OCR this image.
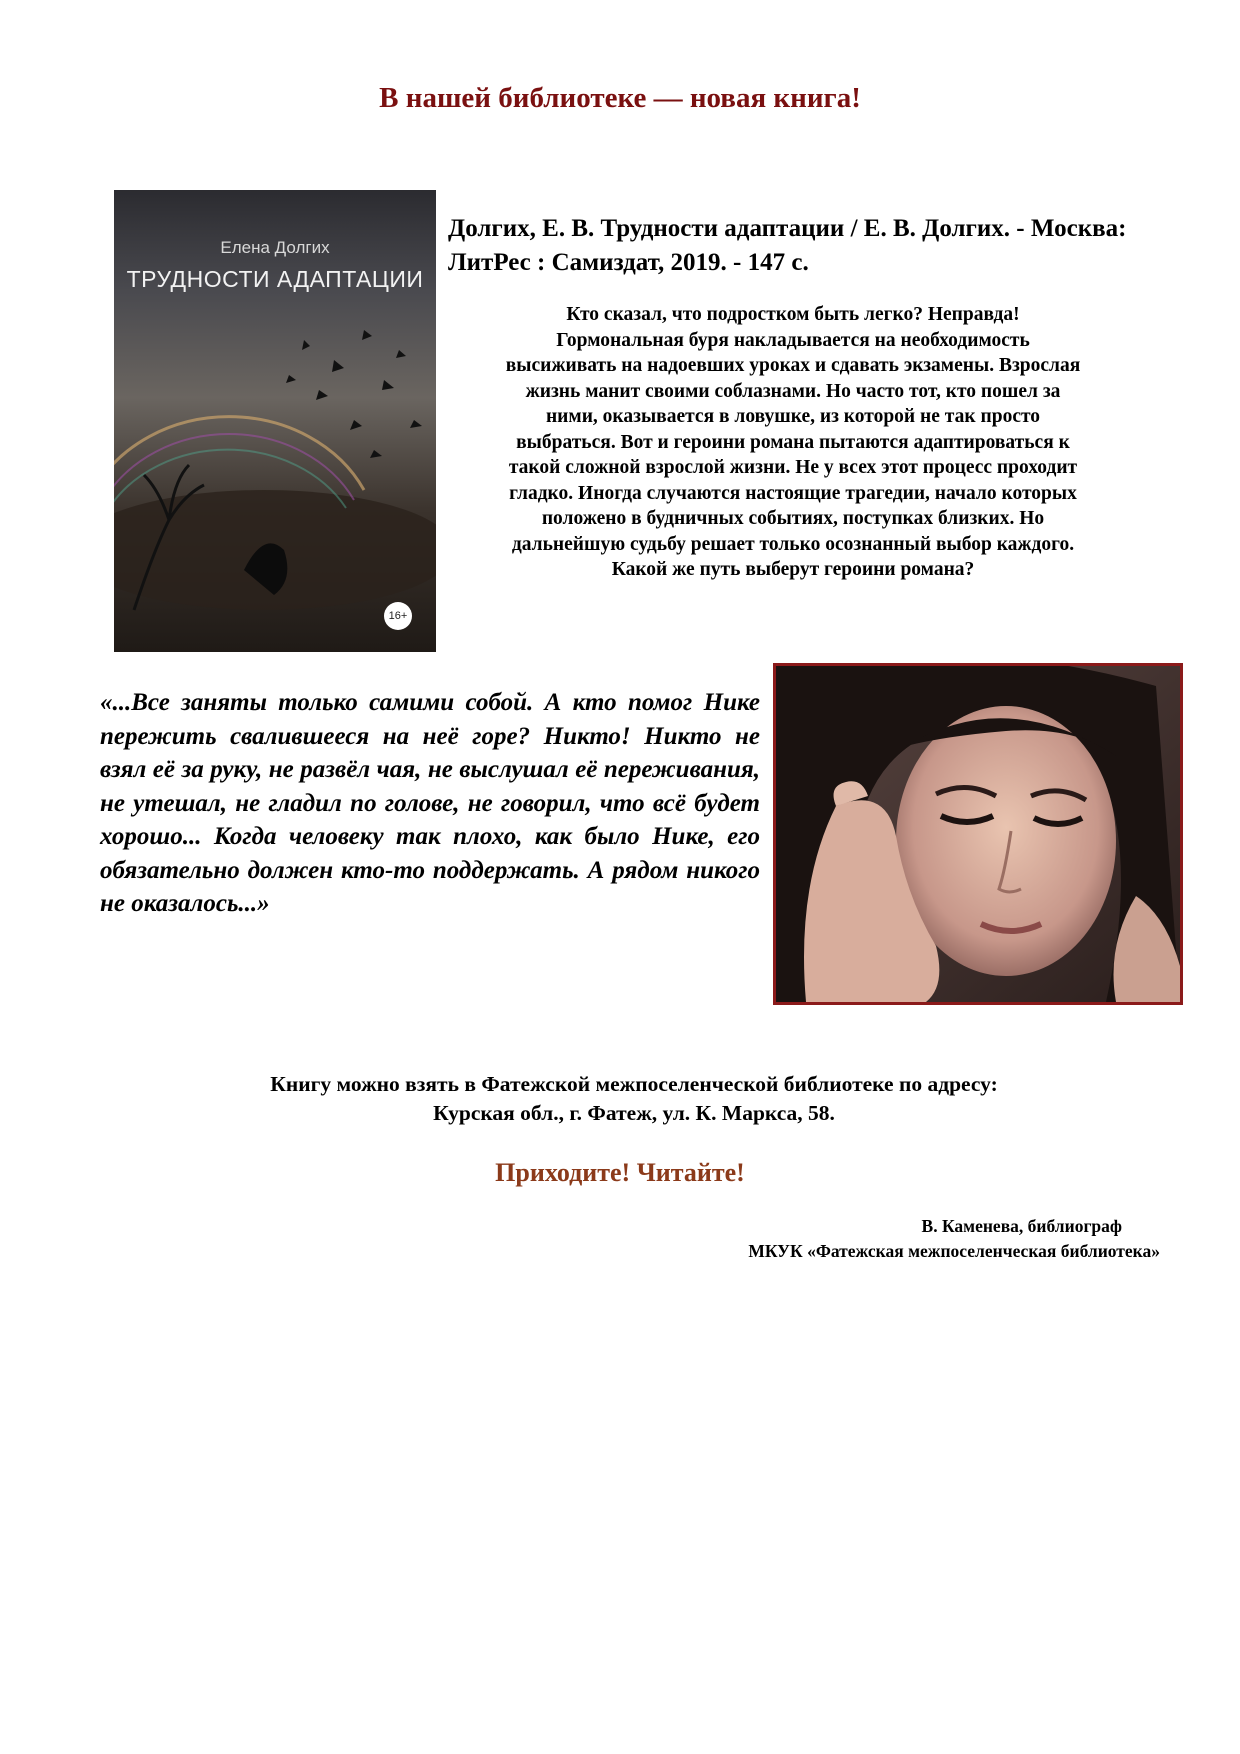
В нашей библиотеке — новая книга!
Елена Долгих
ТРУДНОСТИ АДАПТАЦИИ
16+
Долгих, Е. В. Трудности адаптации / Е. В. Долгих. - Москва: ЛитРес : Самиздат, 2019. - 147 с.
Кто сказал, что подростком быть легко? Неправда!
Гормональная буря накладывается на необходимость
высиживать на надоевших уроках и сдавать экзамены. Взрослая
жизнь манит своими соблазнами. Но часто тот, кто пошел за
ними, оказывается в ловушке, из которой не так просто
выбраться. Вот и героини романа пытаются адаптироваться к
такой сложной взрослой жизни. Не у всех этот процесс проходит
гладко. Иногда случаются настоящие трагедии, начало которых
положено в будничных событиях, поступках близких. Но
дальнейшую судьбу решает только осознанный выбор каждого.
Какой же путь выберут героини романа?
«...Все заняты только самими собой. А кто помог Нике пережить свалившееся на неё горе? Никто! Никто не взял её за руку, не развёл чая, не выслушал её переживания, не утешал, не гладил по голове, не говорил, что всё будет хорошо... Когда человеку так плохо, как было Нике, его обязательно должен кто-то поддержать. А рядом никого не оказалось...»
Книгу можно взять в Фатежской межпоселенческой библиотеке по адресу:
Курская обл., г. Фатеж, ул. К. Маркса, 58.
Приходите! Читайте!
В. Каменева, библиограф
МКУК «Фатежская межпоселенческая библиотека»
